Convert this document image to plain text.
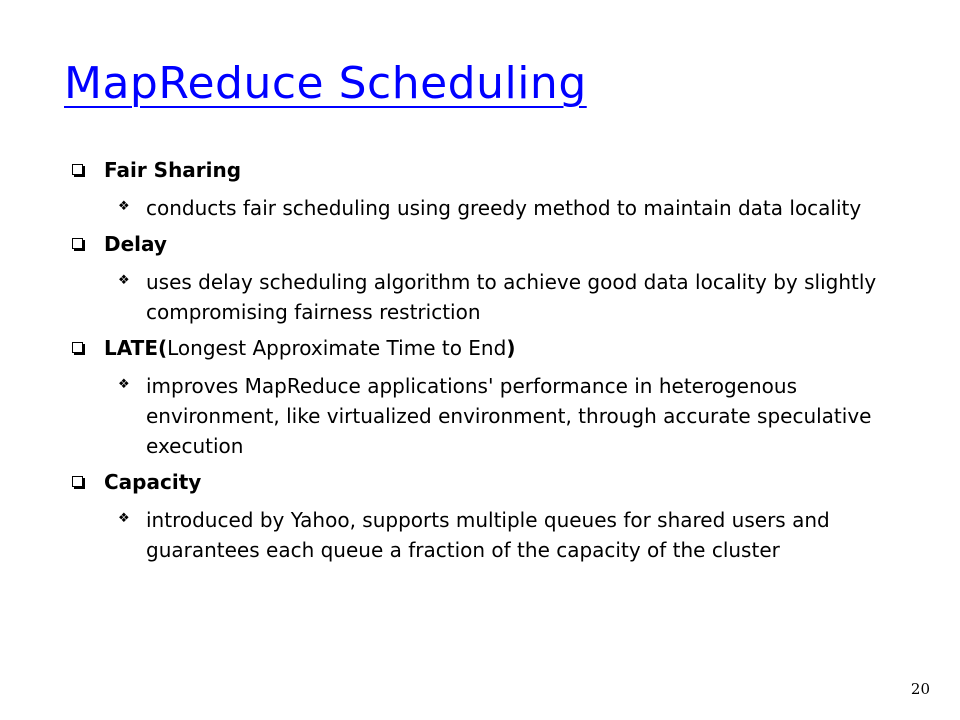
MapReduce Scheduling
Fair Sharing
❖ conducts fair scheduling using greedy method to maintain data locality

Delay
❖ uses delay scheduling algorithm to achieve good data locality by slightly compromising fairness restriction

LATE(Longest Approximate Time to End)
❖ improves MapReduce applications' performance in heterogenous environment, like virtualized environment, through accurate speculative execution

Capacity
❖ introduced by Yahoo, supports multiple queues for shared users and guarantees each queue a fraction of the capacity of the cluster

20
